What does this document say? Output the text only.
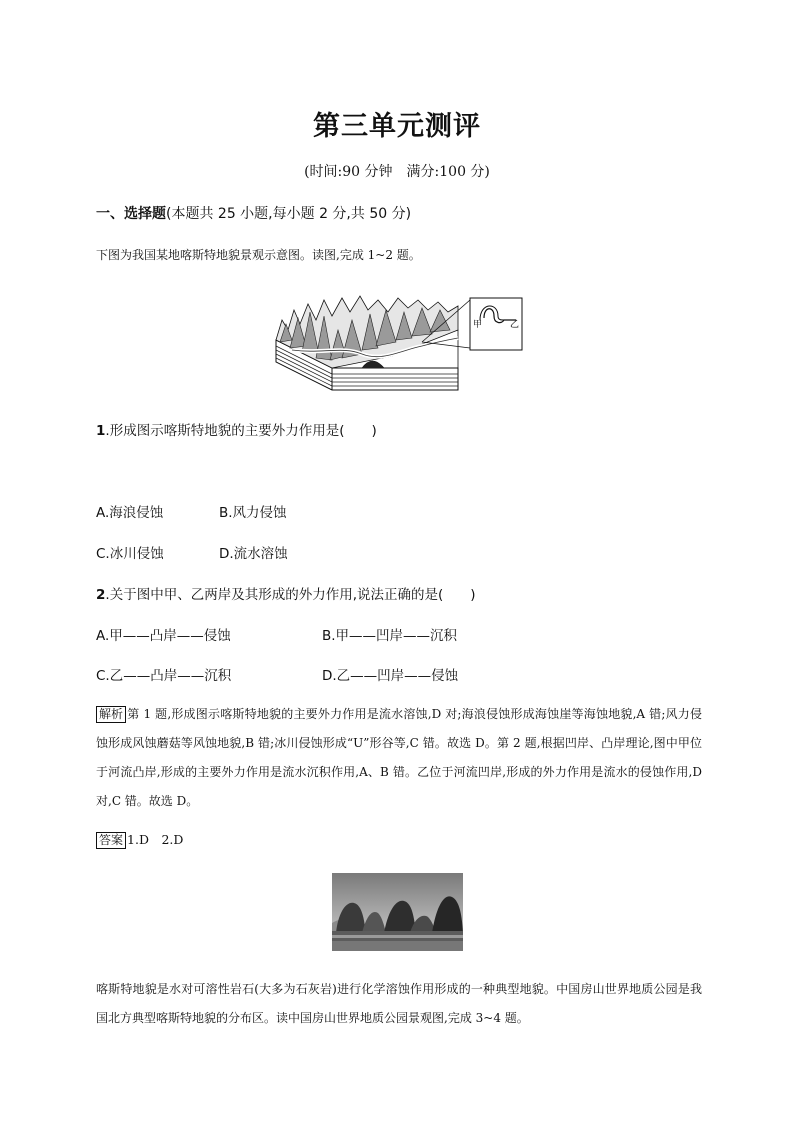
第三单元测评
(时间:90 分钟　满分:100 分)
一、选择题(本题共 25 小题,每小题 2 分,共 50 分)
下图为我国某地喀斯特地貌景观示意图。读图,完成 1~2 题。
甲	乙
1.形成图示喀斯特地貌的主要外力作用是(　　)
A.海浪侵蚀	B.风力侵蚀
C.冰川侵蚀	D.流水溶蚀
2.关于图中甲、乙两岸及其形成的外力作用,说法正确的是(　　)
A.甲——凸岸——侵蚀	B.甲——凹岸——沉积
C.乙——凸岸——沉积	D.乙——凹岸——侵蚀
解析 第 1 题,形成图示喀斯特地貌的主要外力作用是流水溶蚀,D 对;海浪侵蚀形成海蚀崖等海蚀地貌,A 错;风力侵蚀形成风蚀蘑菇等风蚀地貌,B 错;冰川侵蚀形成“U”形谷等,C 错。故选 D。第 2 题,根据凹岸、凸岸理论,图中甲位于河流凸岸,形成的主要外力作用是流水沉积作用,A、B 错。乙位于河流凹岸,形成的外力作用是流水的侵蚀作用,D 对,C 错。故选 D。
答案 1.D　2.D
喀斯特地貌是水对可溶性岩石(大多为石灰岩)进行化学溶蚀作用形成的一种典型地貌。中国房山世界地质公园是我国北方典型喀斯特地貌的分布区。读中国房山世界地质公园景观图,完成 3~4 题。
